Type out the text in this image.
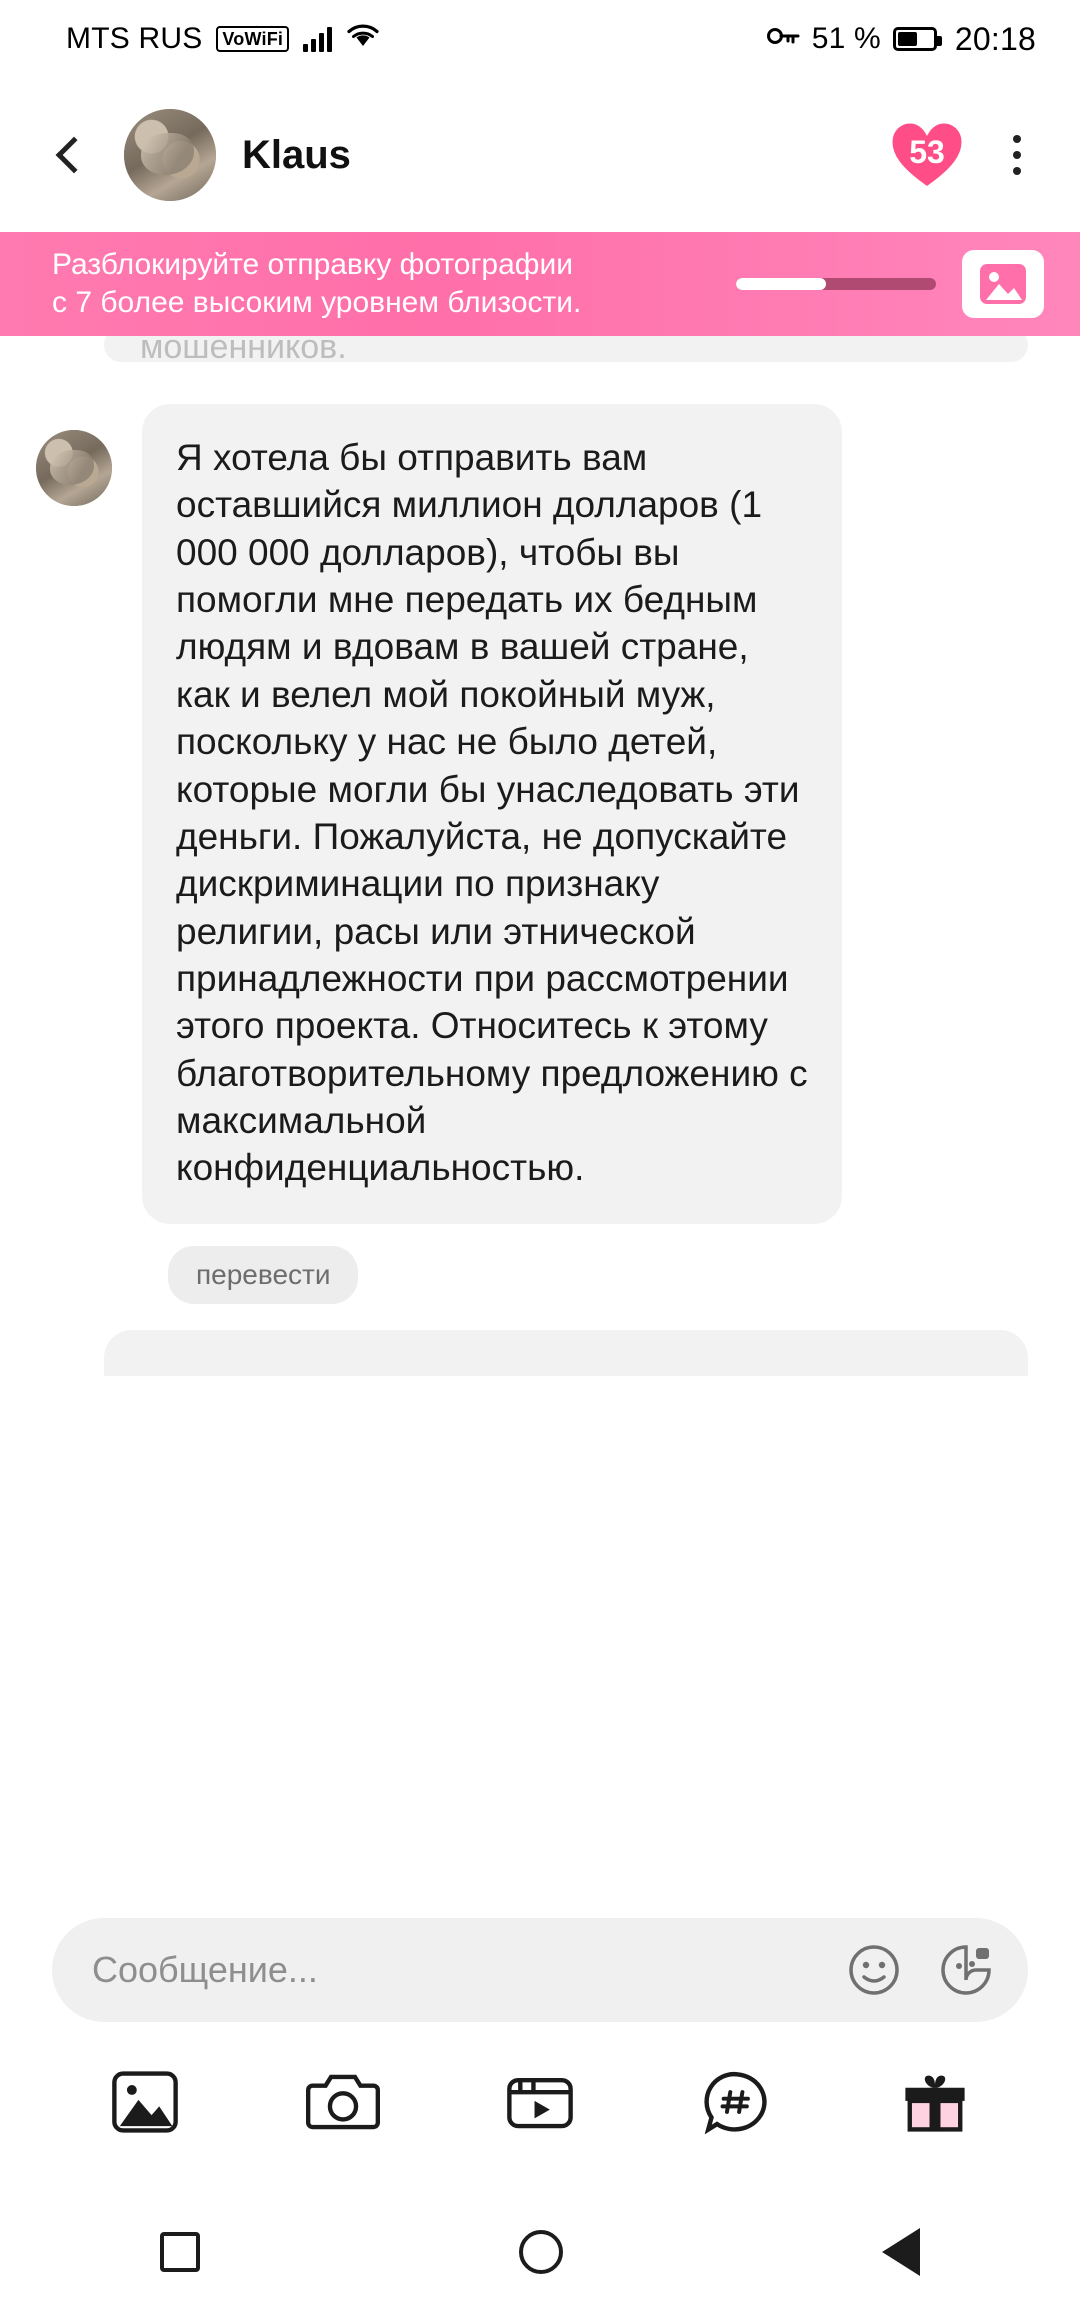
MTS RUS	VoWiFi	51 % 20:18
Klaus	53
Разблокируйте отправку фотографии
с 7 более высоким уровнем близости.
мошенников.
Я хотела бы отправить вам оставшийся миллион долларов (1 000 000 долларов), чтобы вы помогли мне передать их бедным людям и вдовам в вашей стране, как и велел мой покойный муж, поскольку у нас не было детей, которые могли бы унаследовать эти деньги. Пожалуйста, не допускайте дискриминации по признаку религии, расы или этнической принадлежности при рассмотрении этого проекта. Относитесь к этому благотворительному предложению с максимальной конфиденциальностью.
перевести
Сообщение...
